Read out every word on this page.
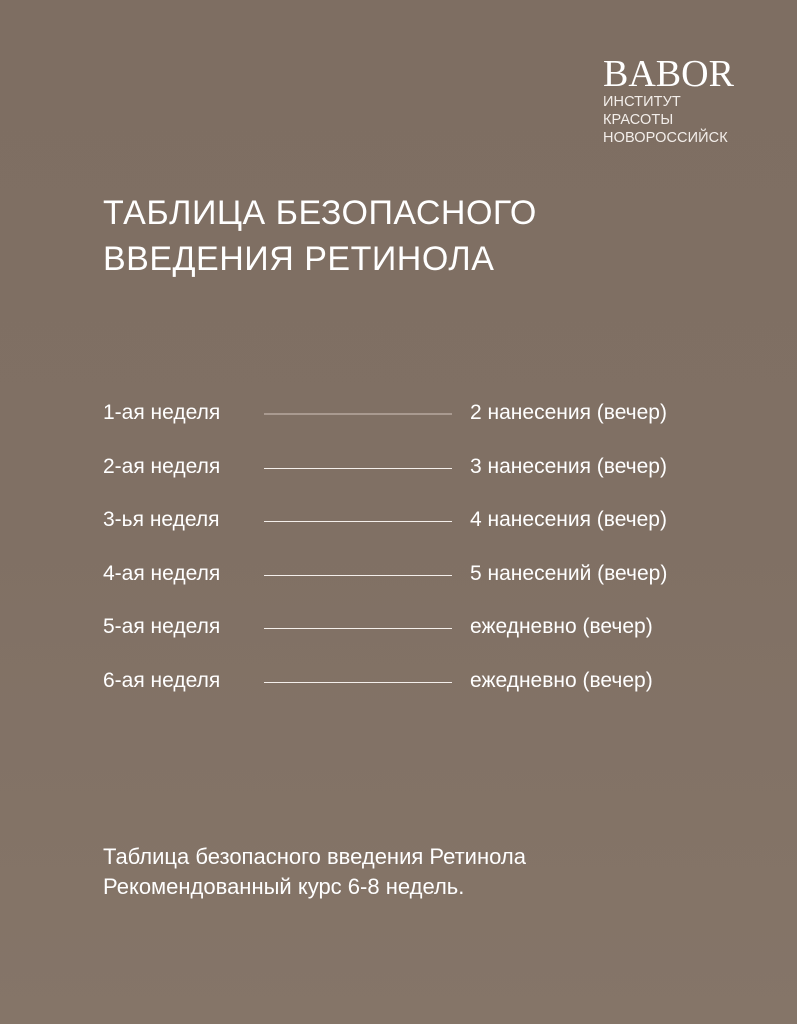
BABOR
ИНСТИТУТ КРАСОТЫ
НОВОРОССИЙСК
ТАБЛИЦА БЕЗОПАСНОГО
ВВЕДЕНИЯ РЕТИНОЛА
1-ая неделя	2 нанесения (вечер)
2-ая неделя	3 нанесения (вечер)
3-ья неделя	4 нанесения (вечер)
4-ая неделя	5 нанесений (вечер)
5-ая неделя	ежедневно (вечер)
6-ая неделя	ежедневно (вечер)
Таблица безопасного введения Ретинола
Рекомендованный курс 6-8 недель.
